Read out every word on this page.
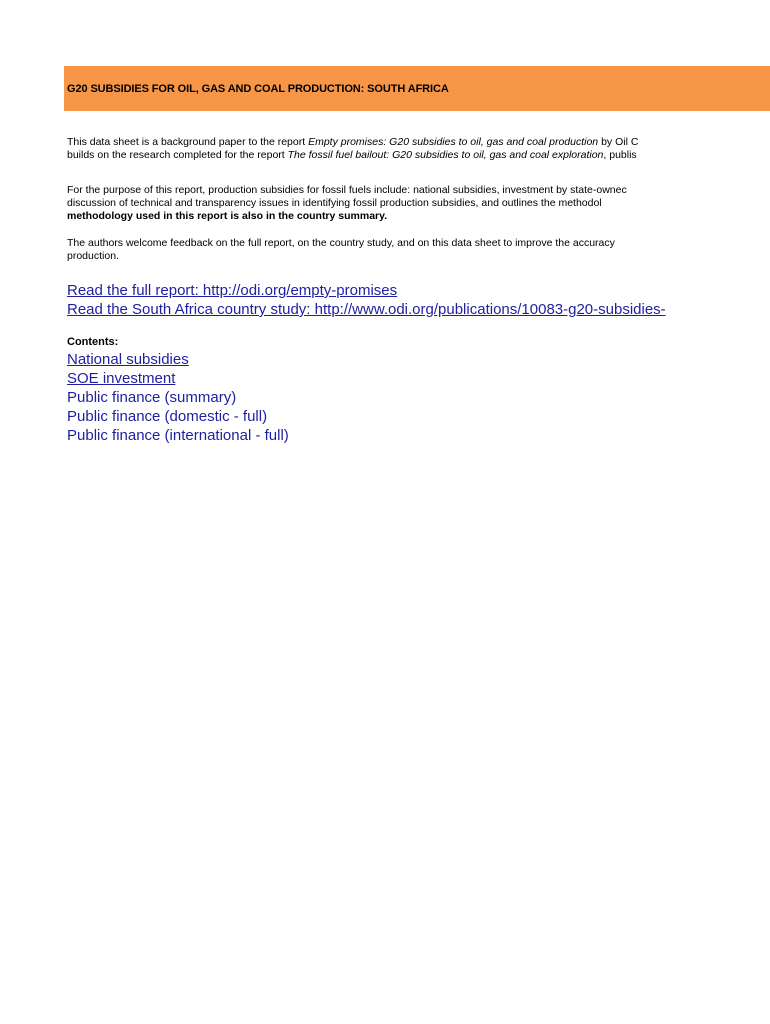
G20 SUBSIDIES FOR OIL, GAS AND COAL PRODUCTION: SOUTH AFRICA
This data sheet is a background paper to the report Empty promises: G20 subsidies to oil, gas and coal production by Oil C
builds on the research completed for the report The fossil fuel bailout: G20 subsidies to oil, gas and coal exploration, publis
For the purpose of this report, production subsidies for fossil fuels include: national subsidies, investment by state-ownec
discussion of technical and transparency issues in identifying fossil production subsidies, and outlines the methodol
methodology used in this report is also in the country summary.
The authors welcome feedback on the full report, on the country study, and on this data sheet to improve the accuracy
production.
Read the full report: http://odi.org/empty-promises
Read the South Africa country study: http://www.odi.org/publications/10083-g20-subsidies-
Contents:
National subsidies
SOE investment
Public finance (summary)
Public finance (domestic - full)
Public finance (international - full)
